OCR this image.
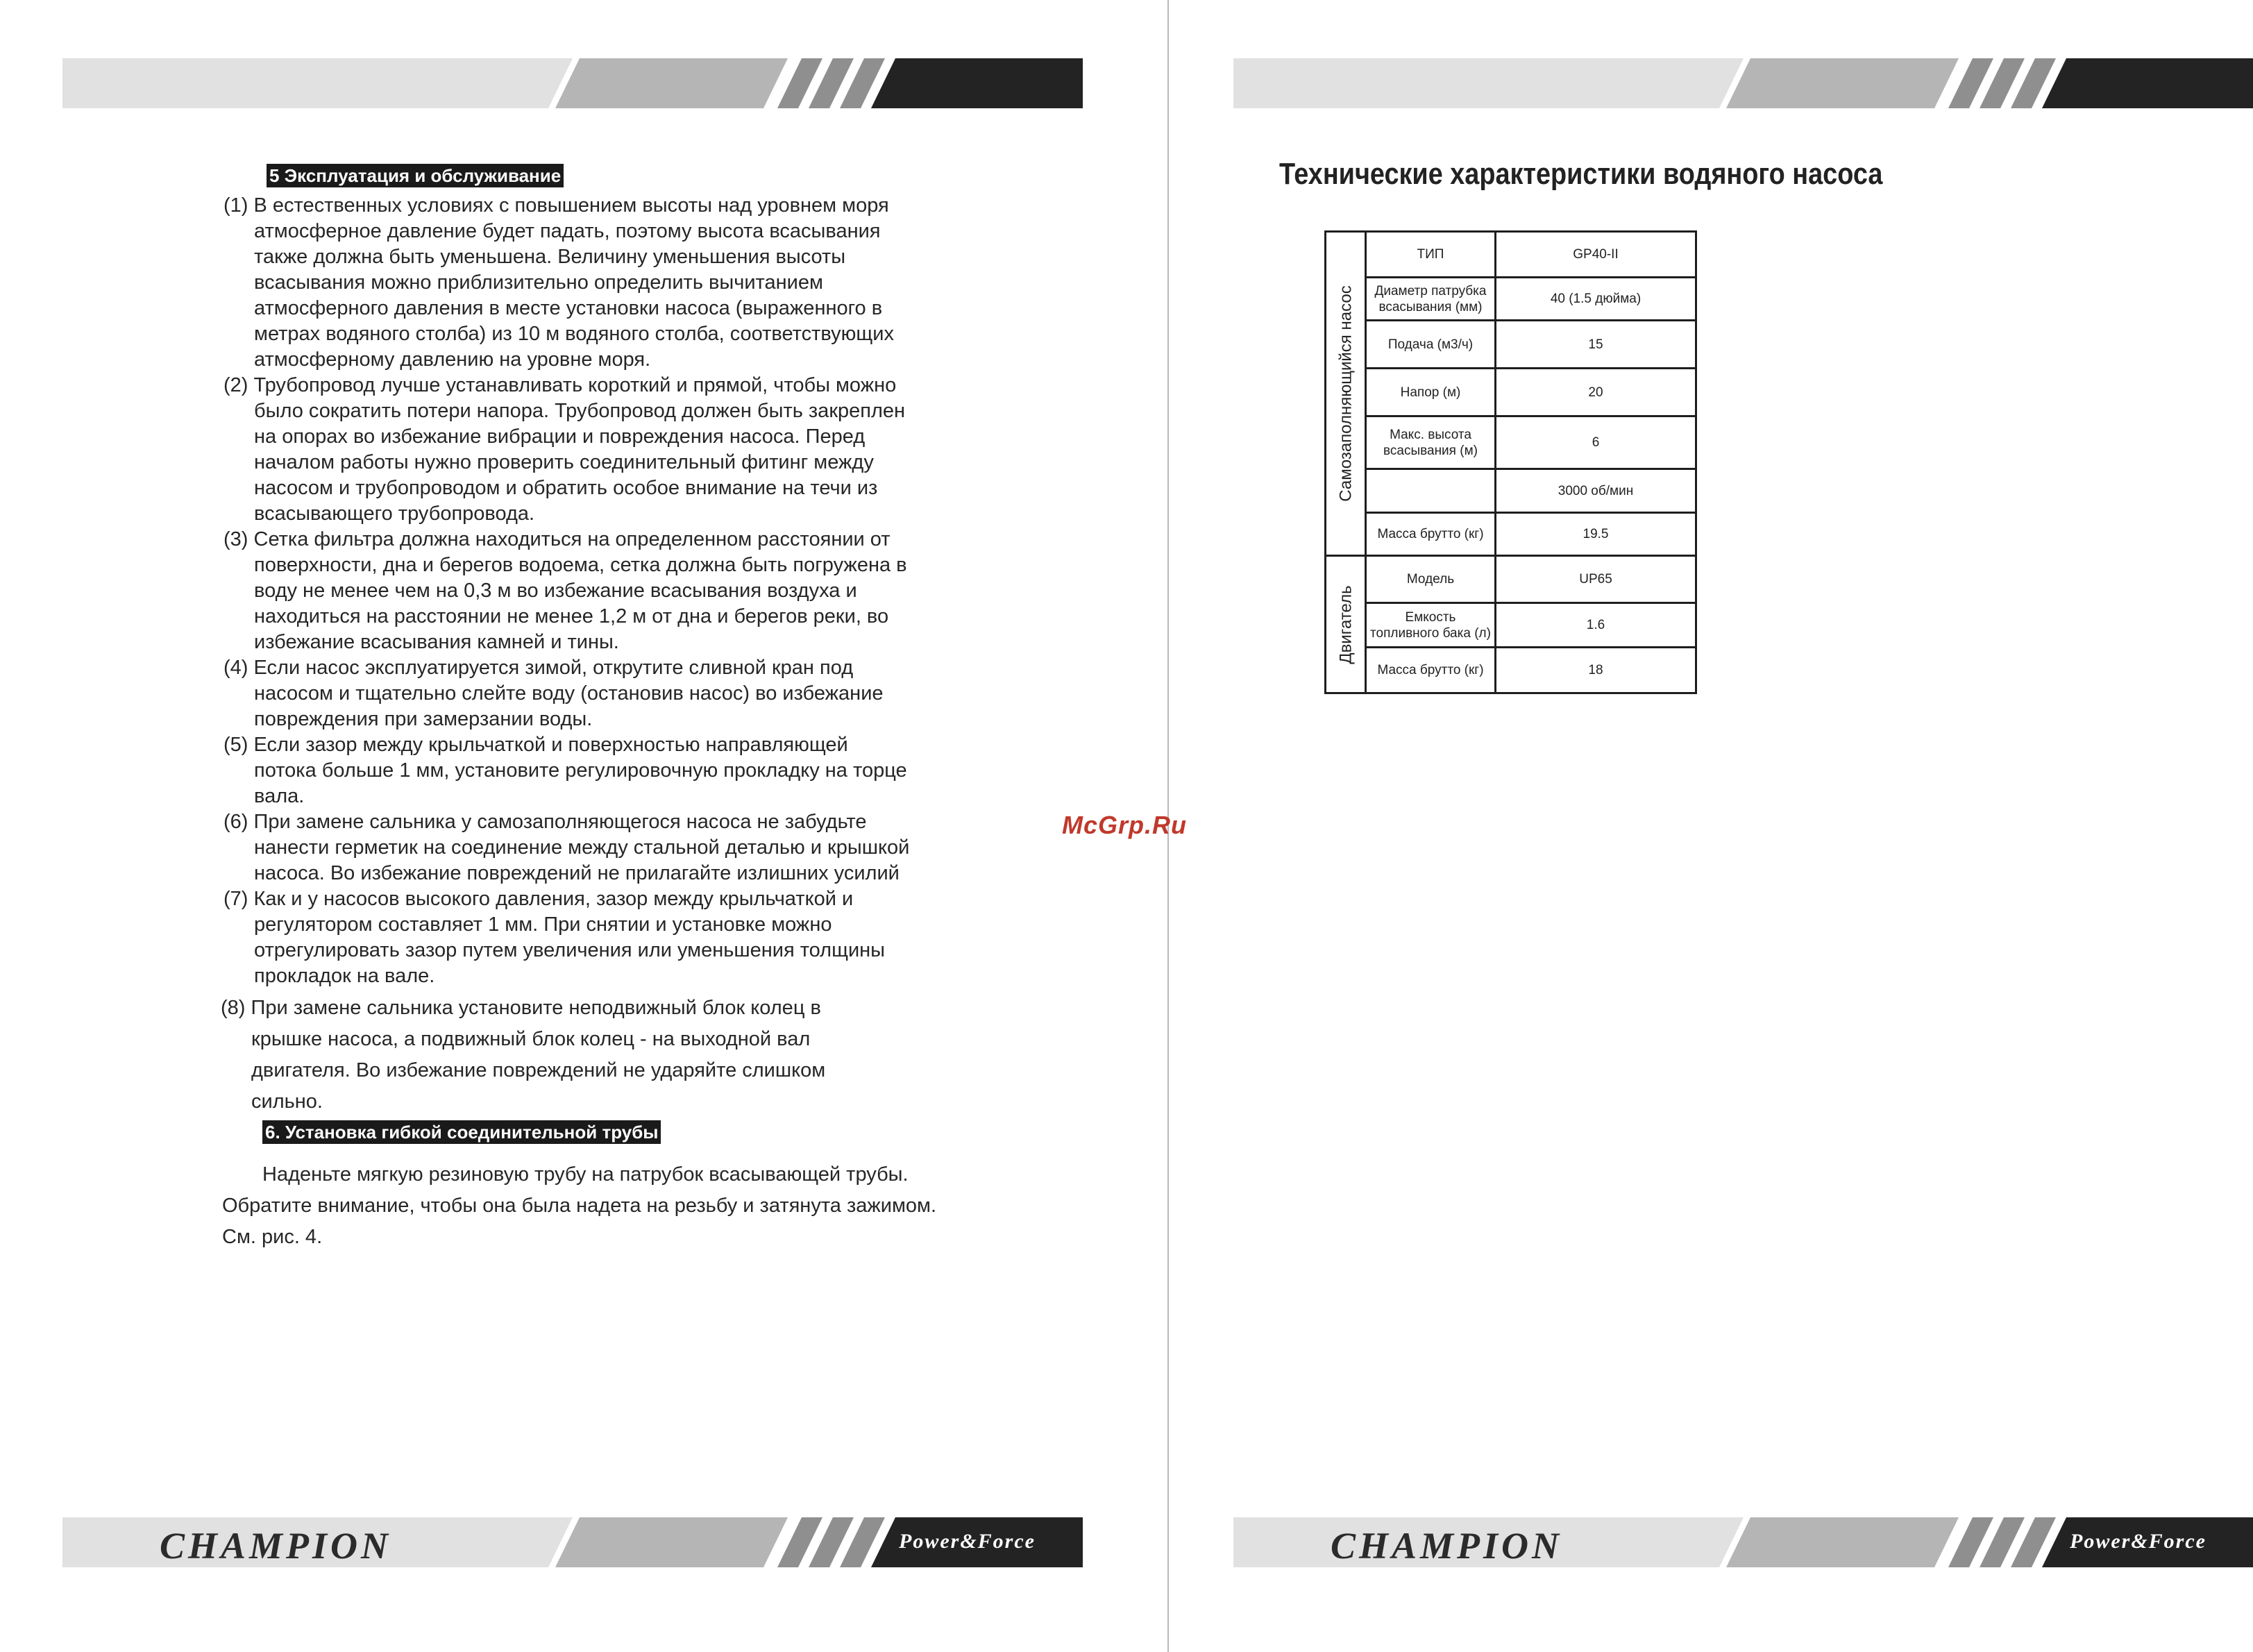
5 Эксплуатация и обслуживание
(1) В естественных условиях с повышением высоты над уровнем моря
атмосферное давление будет падать, поэтому высота всасывания
также должна быть уменьшена. Величину уменьшения высоты
всасывания можно приблизительно определить вычитанием
атмосферного давления в месте установки насоса (выраженного в
метрах водяного столба) из 10 м водяного столба, соответствующих
атмосферному давлению на уровне моря.
(2) Трубопровод лучше устанавливать короткий и прямой, чтобы можно
было сократить потери напора. Трубопровод должен быть закреплен
на опорах во избежание вибрации и повреждения насоса. Перед
началом работы нужно проверить соединительный фитинг между
насосом и трубопроводом и обратить особое внимание на течи из
всасывающего трубопровода.
(3) Сетка фильтра должна находиться на определенном расстоянии от
поверхности, дна и берегов водоема, сетка должна быть погружена в
воду не менее чем на 0,3 м во избежание всасывания воздуха и
находиться на расстоянии не менее 1,2 м от дна и берегов реки, во
избежание всасывания камней и тины.
(4) Если насос эксплуатируется зимой, открутите сливной кран под
насосом и тщательно слейте воду (остановив насос) во избежание
повреждения при замерзании воды.
(5) Если зазор между крыльчаткой и поверхностью направляющей
потока больше 1 мм, установите регулировочную прокладку на торце
вала.
(6) При замене сальника у самозаполняющегося насоса не забудьте
нанести герметик на соединение между стальной деталью и крышкой
насоса. Во избежание повреждений не прилагайте излишних усилий
(7) Как и у насосов высокого давления, зазор между крыльчаткой и
регулятором составляет 1 мм. При снятии и установке можно
отрегулировать зазор путем увеличения или уменьшения толщины
прокладок на вале.
(8) При замене сальника установите неподвижный блок колец в
крышке насоса, а подвижный блок колец - на выходной вал
двигателя. Во избежание повреждений не ударяйте слишком
сильно.
6. Установка гибкой соединительной трубы
Наденьте мягкую резиновую трубу на патрубок всасывающей трубы.
Обратите внимание, чтобы она была надета на резьбу и затянута зажимом.
См. рис. 4.
CHAMPION	Power&Force
McGrp.Ru
CHAMPION	Power&Force
Технические характеристики водяного насоса
Самозаполняющийся насос	ТИП	GP40-II
	Диаметр патрубка всасывания (мм)	40 (1.5 дюйма)
	Подача (м3/ч)	15
	Напор (м)	20
	Макс. высота всасывания (м)	6
		3000 об/мин
	Масса брутто (кг)	19.5

Двигатель	Модель	UP65
	Емкость топливного бака (л)	1.6
	Масса брутто (кг)	18
